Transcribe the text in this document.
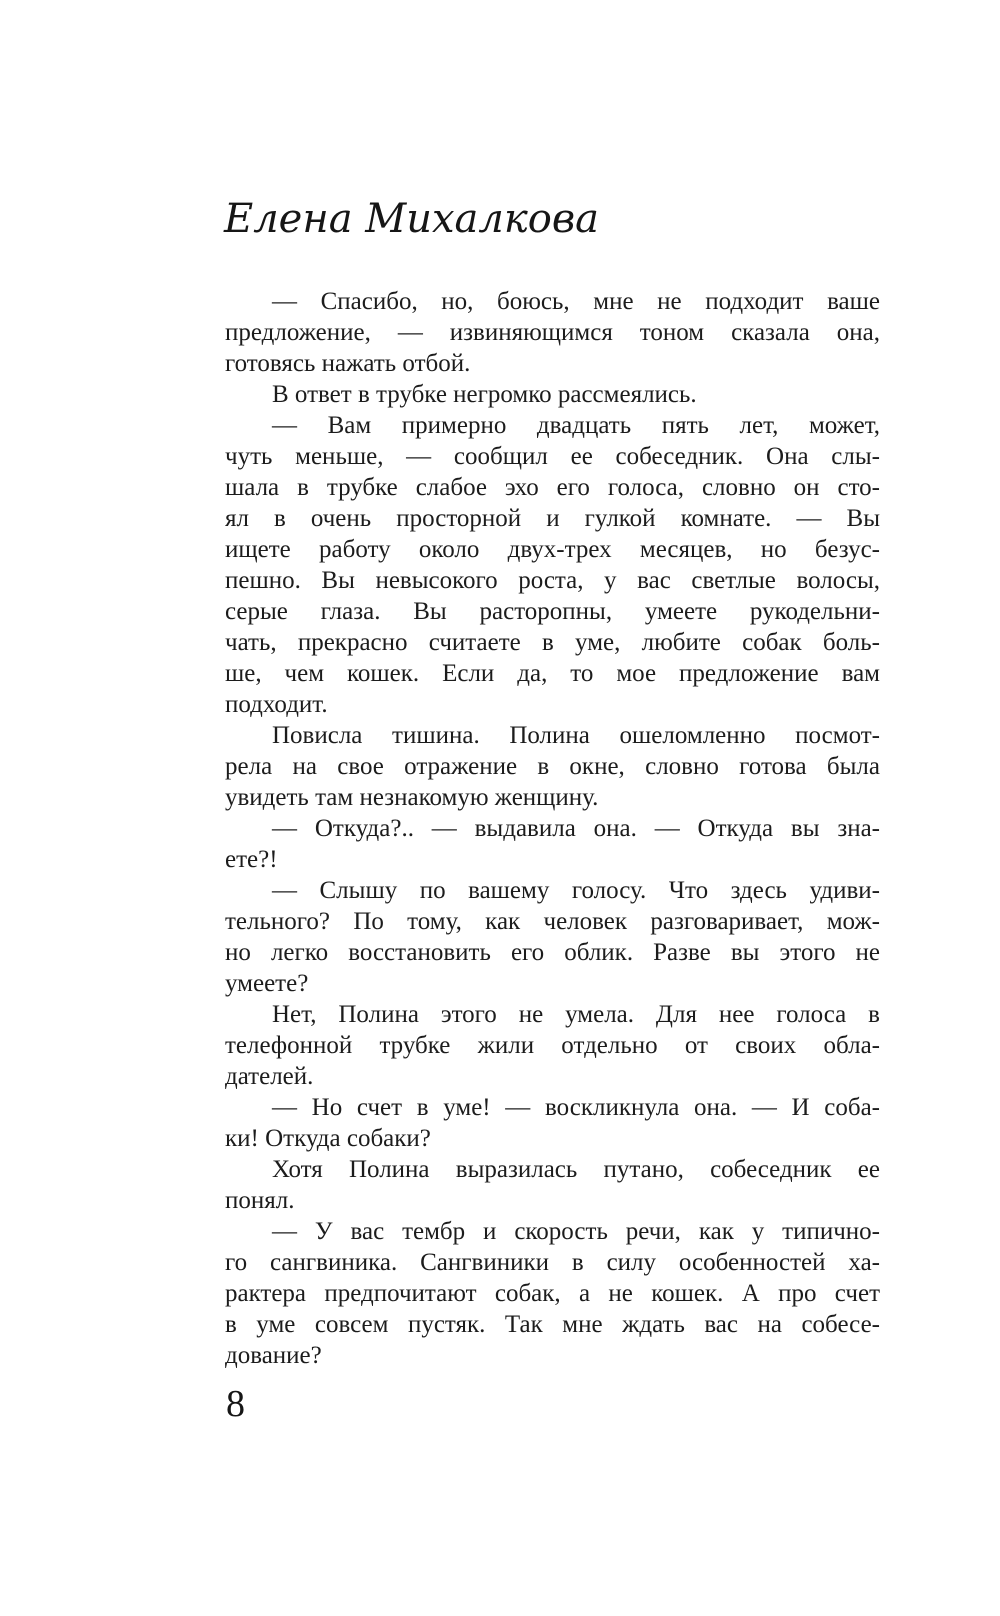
Елена Михалкова
— Спасибо, но, боюсь, мне не подходит ваше
предложение, — извиняющимся тоном сказала она,
готовясь нажать отбой.
В ответ в трубке негромко рассмеялись.
— Вам примерно двадцать пять лет, может,
чуть меньше, — сообщил ее собеседник. Она слы-
шала в трубке слабое эхо его голоса, словно он сто-
ял в очень просторной и гулкой комнате. — Вы
ищете работу около двух-трех месяцев, но безус-
пешно. Вы невысокого роста, у вас светлые волосы,
серые глаза. Вы расторопны, умеете рукодельни-
чать, прекрасно считаете в уме, любите собак боль-
ше, чем кошек. Если да, то мое предложение вам
подходит.
Повисла тишина. Полина ошеломленно посмот-
рела на свое отражение в окне, словно готова была
увидеть там незнакомую женщину.
— Откуда?.. — выдавила она. — Откуда вы зна-
ете?!
— Слышу по вашему голосу. Что здесь удиви-
тельного? По тому, как человек разговаривает, мож-
но легко восстановить его облик. Разве вы этого не
умеете?
Нет, Полина этого не умела. Для нее голоса в
телефонной трубке жили отдельно от своих обла-
дателей.
— Но счет в уме! — воскликнула она. — И соба-
ки! Откуда собаки?
Хотя Полина выразилась путано, собеседник ее
понял.
— У вас тембр и скорость речи, как у типично-
го сангвиника. Сангвиники в силу особенностей ха-
рактера предпочитают собак, а не кошек. А про счет
в уме совсем пустяк. Так мне ждать вас на собесе-
дование?
8
